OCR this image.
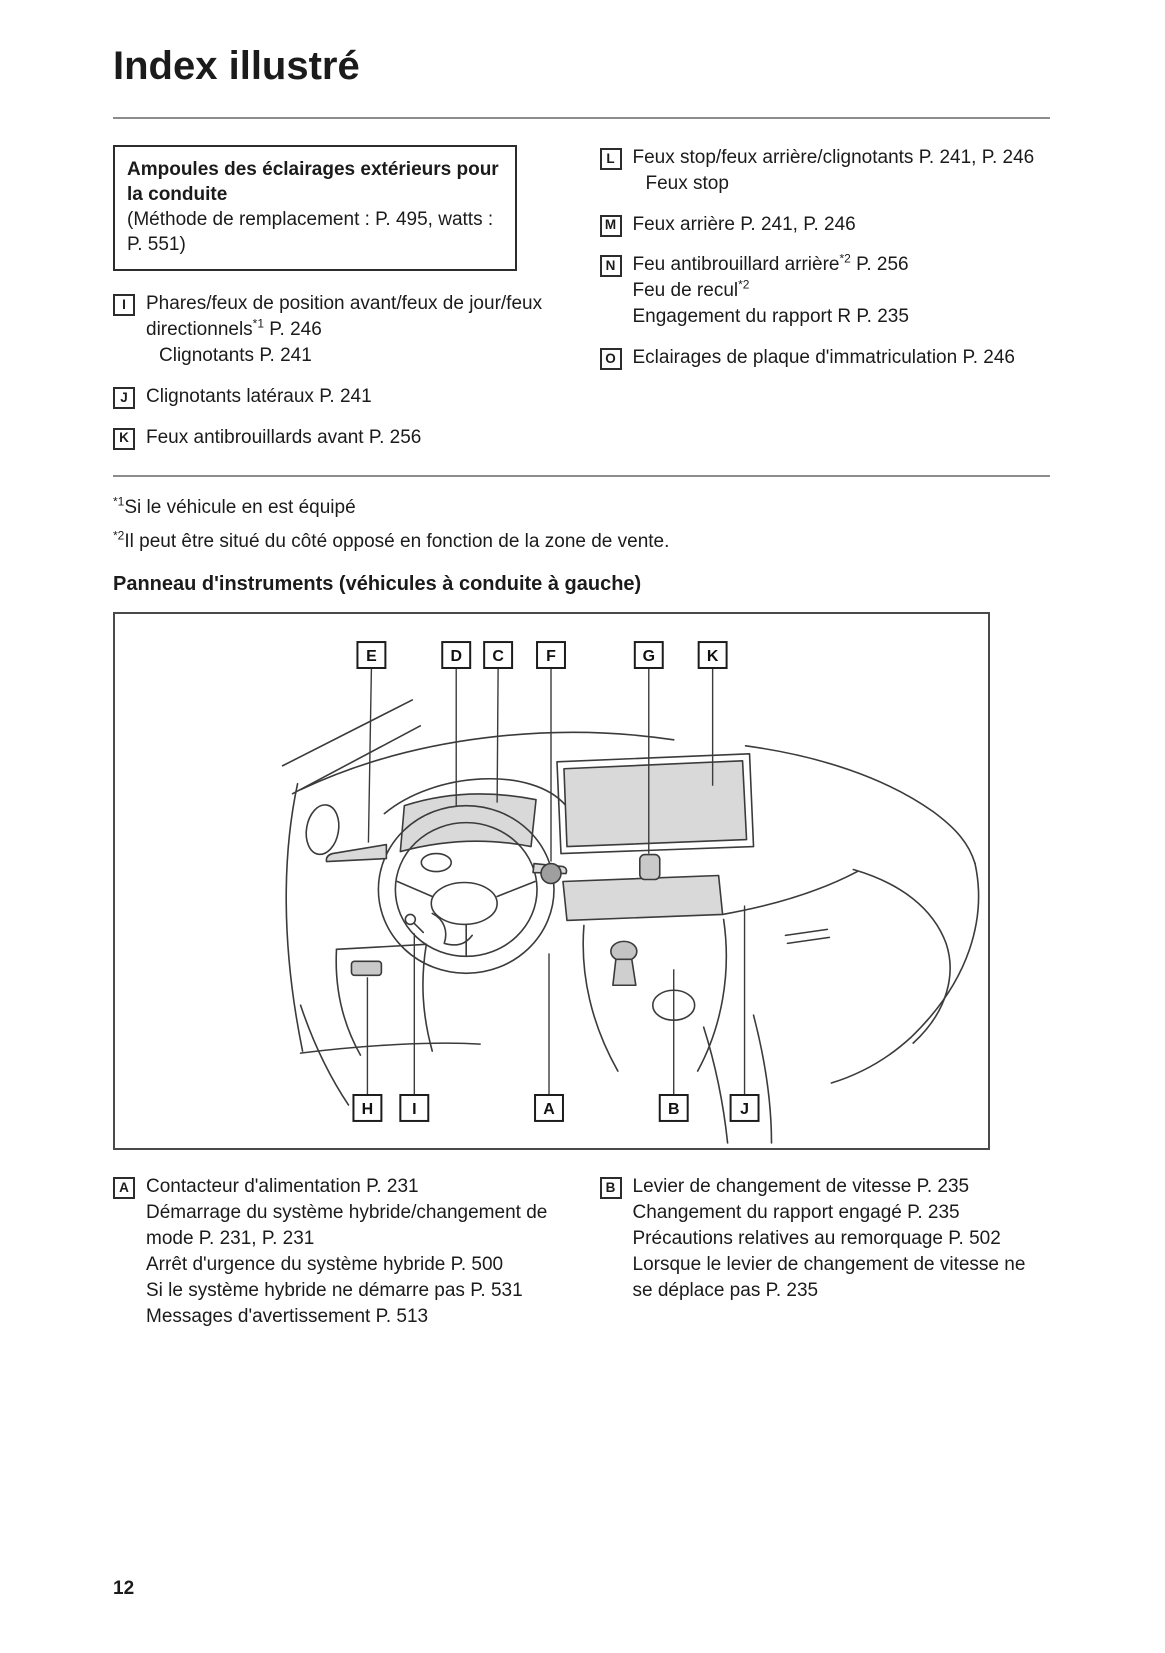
Index illustré
Ampoules des éclairages extérieurs pour la conduite
(Méthode de remplacement : P. 495, watts : P. 551)
I	Phares/feux de position avant/feux de jour/feux directionnels$^{*1}$ P. 246
Clignotants P. 241
J Clignotants latéraux P. 241
K Feux antibrouillards avant P. 256
L Feux stop/feux arrière/clignotants P. 241, P. 246
Feux stop
M Feux arrière P. 241, P. 246
N Feu antibrouillard arrière$^{*2}$ P. 256
Feu de recul$^{*2}$
Engagement du rapport R P. 235
O Eclairages de plaque d'immatriculation P. 246
$^{*1}$Si le véhicule en est équipé
$^{*2}$Il peut être situé du côté opposé en fonction de la zone de vente.
Panneau d'instruments (véhicules à conduite à gauche)
E	D C	F	G	K
H I	A	B	J
A Contacteur d'alimentation P. 231
Démarrage du système hybride/changement de mode P. 231, P. 231
Arrêt d'urgence du système hybride P. 500
Si le système hybride ne démarre pas P. 531
Messages d'avertissement P. 513
B Levier de changement de vitesse P. 235
Changement du rapport engagé P. 235
Précautions relatives au remorquage P. 502
Lorsque le levier de changement de vitesse ne se déplace pas P. 235
12
